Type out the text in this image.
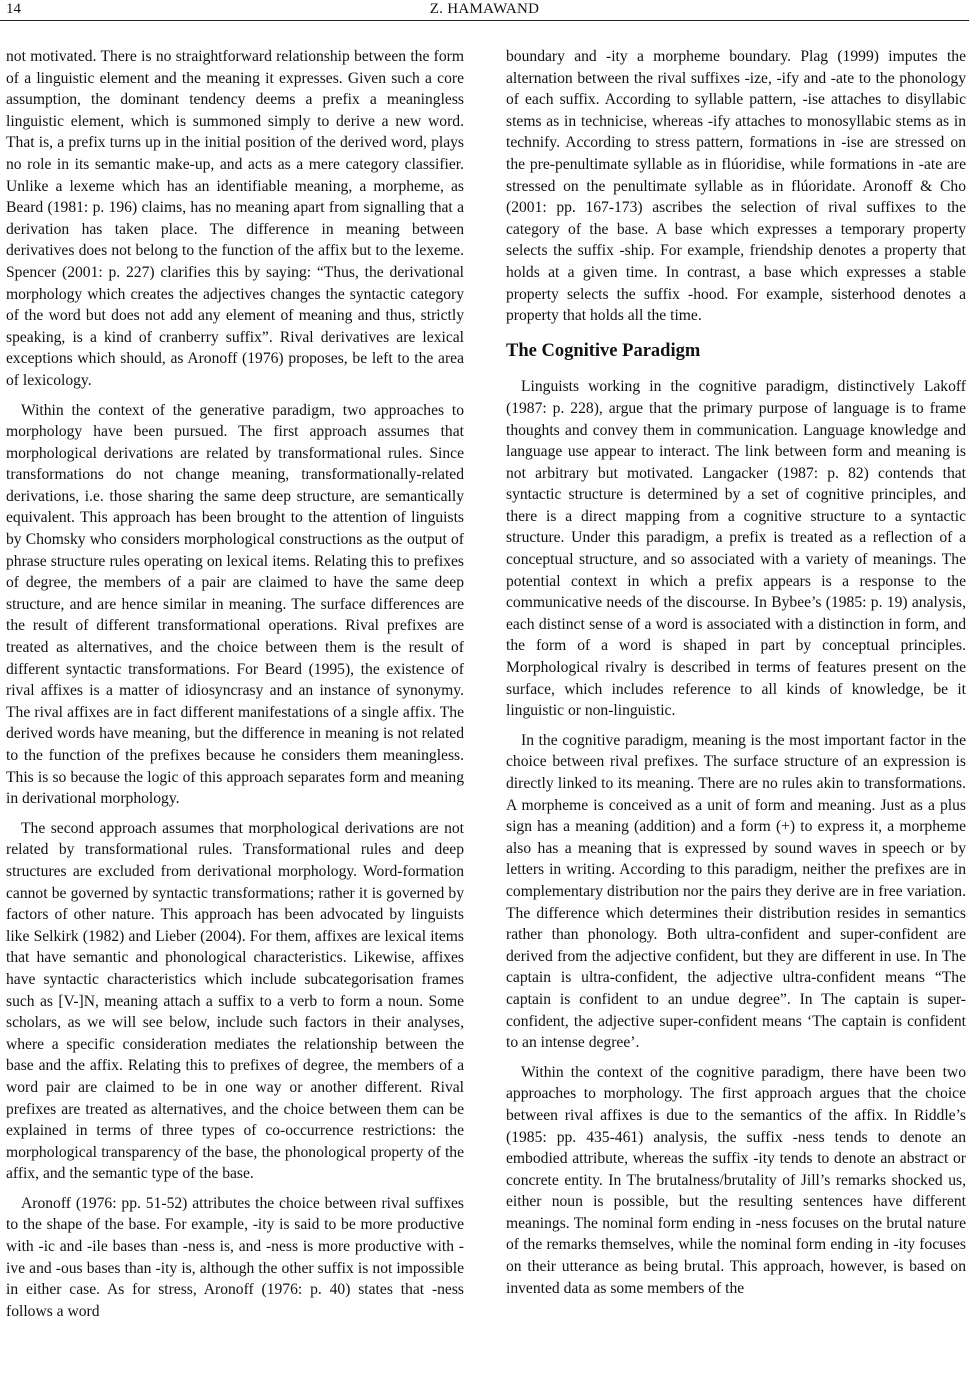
14	Z. HAMAWAND

not motivated. There is no straightforward relationship between the form of a linguistic element and the meaning it expresses. Given such a core assumption, the dominant tendency deems a prefix a meaningless linguistic element, which is summoned simply to derive a new word. That is, a prefix turns up in the initial position of the derived word, plays no role in its semantic make-up, and acts as a mere category classifier. Unlike a lexeme which has an identifiable meaning, a morpheme, as Beard (1981: p. 196) claims, has no meaning apart from signalling that a derivation has taken place. The difference in meaning between derivatives does not belong to the function of the affix but to the lexeme. Spencer (2001: p. 227) clarifies this by saying: “Thus, the derivational morphology which creates the adjectives changes the syntactic category of the word but does not add any element of meaning and thus, strictly speaking, is a kind of cranberry suffix”. Rival derivatives are lexical exceptions which should, as Aronoff (1976) proposes, be left to the area of lexicology.

Within the context of the generative paradigm, two approaches to morphology have been pursued. The first approach assumes that morphological derivations are related by transformational rules. Since transformations do not change meaning, transformationally-related derivations, i.e. those sharing the same deep structure, are semantically equivalent. This approach has been brought to the attention of linguists by Chomsky who considers morphological constructions as the output of phrase structure rules operating on lexical items. Relating this to prefixes of degree, the members of a pair are claimed to have the same deep structure, and are hence similar in meaning. The surface differences are the result of different transformational operations. Rival prefixes are treated as alternatives, and the choice between them is the result of different syntactic transformations. For Beard (1995), the existence of rival affixes is a matter of idiosyncrasy and an instance of synonymy. The rival affixes are in fact different manifestations of a single affix. The derived words have meaning, but the difference in meaning is not related to the function of the prefixes because he considers them meaningless. This is so because the logic of this approach separates form and meaning in derivational morphology.

The second approach assumes that morphological derivations are not related by transformational rules. Transformational rules and deep structures are excluded from derivational morphology. Word-formation cannot be governed by syntactic transformations; rather it is governed by factors of other nature. This approach has been advocated by linguists like Selkirk (1982) and Lieber (2004). For them, affixes are lexical items that have semantic and phonological characteristics. Likewise, affixes have syntactic characteristics which include subcategorisation frames such as [V-]N, meaning attach a suffix to a verb to form a noun. Some scholars, as we will see below, include such factors in their analyses, where a specific consideration mediates the relationship between the base and the affix. Relating this to prefixes of degree, the members of a word pair are claimed to be in one way or another different. Rival prefixes are treated as alternatives, and the choice between them can be explained in terms of three types of co-occurrence restrictions: the morphological transparency of the base, the phonological property of the affix, and the semantic type of the base.

Aronoff (1976: pp. 51-52) attributes the choice between rival suffixes to the shape of the base. For example, -ity is said to be more productive with -ic and -ile bases than -ness is, and -ness is more productive with -ive and -ous bases than -ity is, although the other suffix is not impossible in either case. As for stress, Aronoff (1976: p. 40) states that -ness follows a word

boundary and -ity a morpheme boundary. Plag (1999) imputes the alternation between the rival suffixes -ize, -ify and -ate to the phonology of each suffix. According to syllable pattern, -ise attaches to disyllabic stems as in technicise, whereas -ify attaches to monosyllabic stems as in technify. According to stress pattern, formations in -ise are stressed on the pre-penultimate syllable as in flúoridise, while formations in -ate are stressed on the penultimate syllable as in flúoridate. Aronoff & Cho (2001: pp. 167-173) ascribes the selection of rival suffixes to the category of the base. A base which expresses a temporary property selects the suffix -ship. For example, friendship denotes a property that holds at a given time. In contrast, a base which expresses a stable property selects the suffix -hood. For example, sisterhood denotes a property that holds all the time.

The Cognitive Paradigm

Linguists working in the cognitive paradigm, distinctively Lakoff (1987: p. 228), argue that the primary purpose of language is to frame thoughts and convey them in communication. Language knowledge and language use appear to interact. The link between form and meaning is not arbitrary but motivated. Langacker (1987: p. 82) contends that syntactic structure is determined by a set of cognitive principles, and there is a direct mapping from a cognitive structure to a syntactic structure. Under this paradigm, a prefix is treated as a reflection of a conceptual structure, and so associated with a variety of meanings. The potential context in which a prefix appears is a response to the communicative needs of the discourse. In Bybee’s (1985: p. 19) analysis, each distinct sense of a word is associated with a distinction in form, and the form of a word is shaped in part by conceptual principles. Morphological rivalry is described in terms of features present on the surface, which includes reference to all kinds of knowledge, be it linguistic or non-linguistic.

In the cognitive paradigm, meaning is the most important factor in the choice between rival prefixes. The surface structure of an expression is directly linked to its meaning. There are no rules akin to transformations. A morpheme is conceived as a unit of form and meaning. Just as a plus sign has a meaning (addition) and a form (+) to express it, a morpheme also has a meaning that is expressed by sound waves in speech or by letters in writing. According to this paradigm, neither the prefixes are in complementary distribution nor the pairs they derive are in free variation. The difference which determines their distribution resides in semantics rather than phonology. Both ultra-confident and super-confident are derived from the adjective confident, but they are different in use. In The captain is ultra-confident, the adjective ultra-confident means “The captain is confident to an undue degree”. In The captain is super-confident, the adjective super-confident means ‘The captain is confident to an intense degree’.

Within the context of the cognitive paradigm, there have been two approaches to morphology. The first approach argues that the choice between rival affixes is due to the semantics of the affix. In Riddle’s (1985: pp. 435-461) analysis, the suffix -ness tends to denote an embodied attribute, whereas the suffix -ity tends to denote an abstract or concrete entity. In The brutalness/brutality of Jill’s remarks shocked us, either noun is possible, but the resulting sentences have different meanings. The nominal form ending in -ness focuses on the brutal nature of the remarks themselves, while the nominal form ending in -ity focuses on their utterance as being brutal. This approach, however, is based on invented data as some members of the
